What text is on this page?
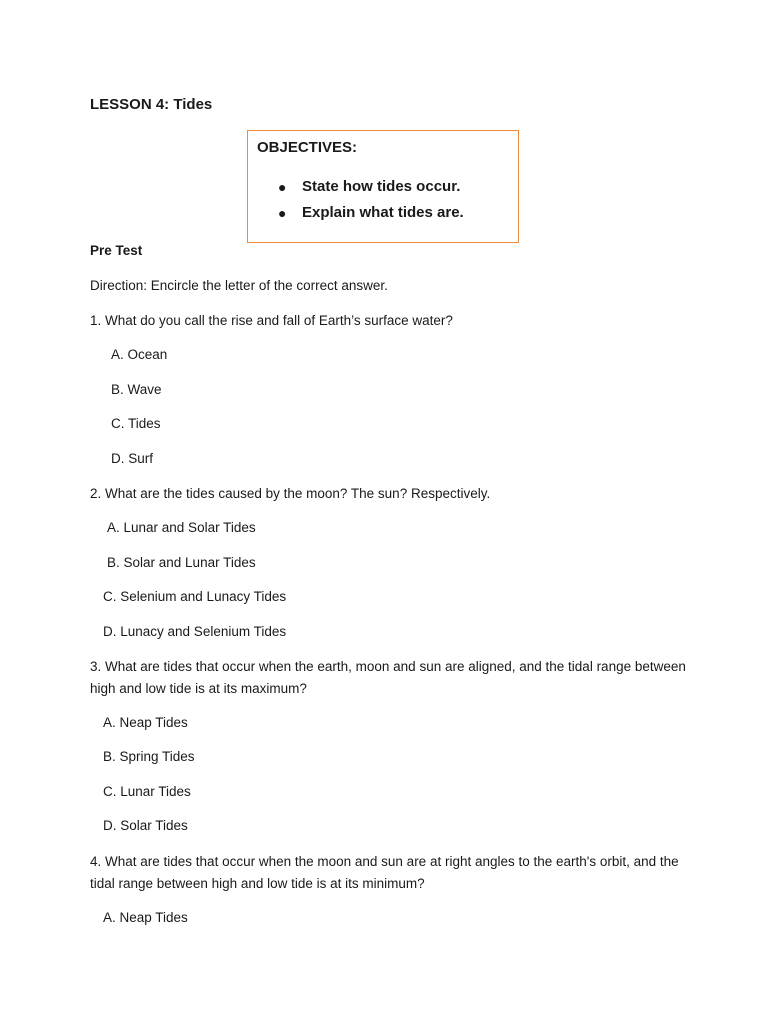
LESSON 4: Tides

OBJECTIVES:

●	State how tides occur.
●	Explain what tides are.

Pre Test

Direction: Encircle the letter of the correct answer.

1. What do you call the rise and fall of Earth’s surface water?

A. Ocean

B. Wave

C. Tides

D. Surf

2. What are the tides caused by the moon? The sun? Respectively.

A. Lunar and Solar Tides

B. Solar and Lunar Tides

C. Selenium and Lunacy Tides

D. Lunacy and Selenium Tides

3. What are tides that occur when the earth, moon and sun are aligned, and the tidal range between high and low tide is at its maximum?

A. Neap Tides

B. Spring Tides

C. Lunar Tides

D. Solar Tides

4. What are tides that occur when the moon and sun are at right angles to the earth's orbit, and the tidal range between high and low tide is at its minimum?

A. Neap Tides
